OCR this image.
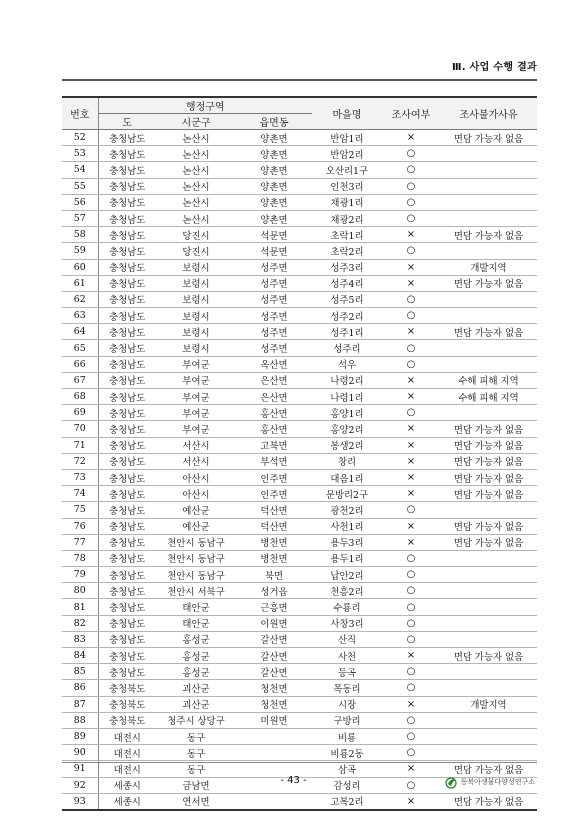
Ⅲ. 사업 수행 결과
번호	행정구역			마을명	조사여부	조사불가사유
	도	시군구	읍면동			
52	충청남도	논산시	양촌면	반암1리	×	면담 가능자 없음
53	충청남도	논산시	양촌면	반암2리	○	
54	충청남도	논산시	양촌면	오산리1구	○	
55	충청남도	논산시	양촌면	인천3리	○	
56	충청남도	논산시	양촌면	채광1리	○	
57	충청남도	논산시	양촌면	채광2리	○	
58	충청남도	당진시	석문면	초락1리	×	면담 가능자 없음
59	충청남도	당진시	석문면	초락2리	○	
60	충청남도	보령시	성주면	성주3리	×	개발지역
61	충청남도	보령시	성주면	성주4리	×	면담 가능자 없음
62	충청남도	보령시	성주면	성주5리	○	
63	충청남도	보령시	성주면	성주2리	○	
64	충청남도	보령시	성주면	성주1리	×	면담 가능자 없음
65	충청남도	보령시	성주면	성주리	○	
66	충청남도	부여군	옥산면	석우	○	
67	충청남도	부여군	은산면	나령2리	×	수해 피해 지역
68	충청남도	부여군	은산면	나령1리	×	수해 피해 지역
69	충청남도	부여군	홍산면	홍양1리	○	
70	충청남도	부여군	홍산면	홍양2리	×	면담 가능자 없음
71	충청남도	서산시	고북면	봉생2리	×	면담 가능자 없음
72	충청남도	서산시	부석면	창리	×	면담 가능자 없음
73	충청남도	아산시	인주면	대음1리	×	면담 가능자 없음
74	충청남도	아산시	인주면	문방리2구	×	면담 가능자 없음
75	충청남도	예산군	덕산면	광천2리	○	
76	충청남도	예산군	덕산면	사천1리	×	면담 가능자 없음
77	충청남도	천안시 동남구	병천면	용두3리	×	면담 가능자 없음
78	충청남도	천안시 동남구	병천면	용두1리	○	
79	충청남도	천안시 동남구	북면	납안2리	○	
80	충청남도	천안시 서북구	성거읍	천흥2리	○	
81	충청남도	태안군	근흥면	수룡리	○	
82	충청남도	태안군	이원면	사창3리	○	
83	충청남도	홍성군	갈산면	산직	○	
84	충청남도	홍성군	갈산면	사천	×	면담 가능자 없음
85	충청남도	홍성군	갈산면	등곡	○	
86	충청북도	괴산군	청천면	목동리	○	
87	충청북도	괴산군	청천면	시장	×	개발지역
88	충청북도	청주시 상당구	미원면	구방리	○	
89	대전시	동구		비룡	○	
90	대전시	동구		비룡2동	○	
91	대전시	동구		삼곡	×	면담 가능자 없음
92	세종시	금남면		감성리	○	
93	세종시	연서면		고복2리	×	면담 가능자 없음
- 43 -	동북아생물다양성연구소
